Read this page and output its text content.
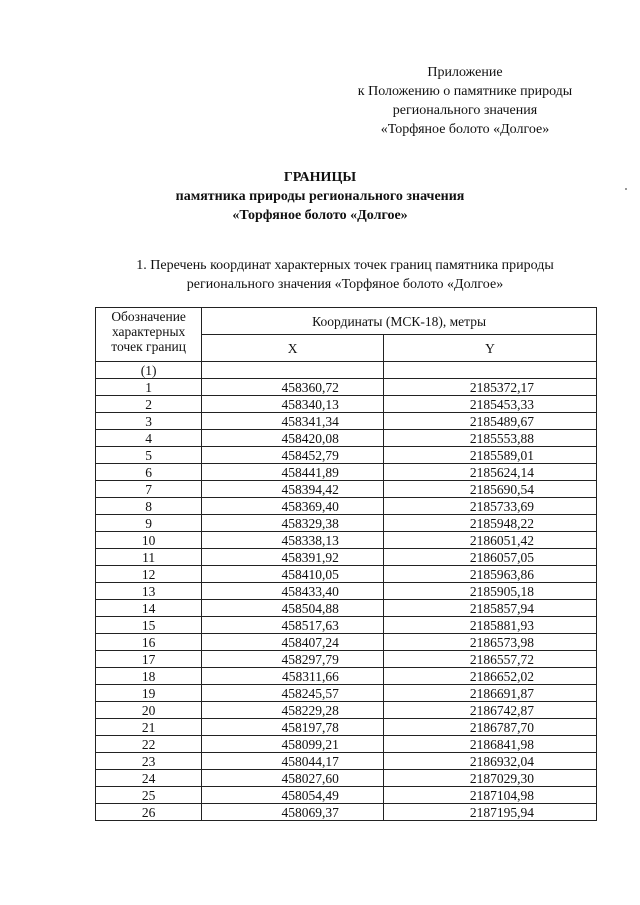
Приложение
к Положению о памятнике природы
регионального значения
«Торфяное болото «Долгое»
ГРАНИЦЫ
памятника природы регионального значения
«Торфяное болото «Долгое»
1. Перечень координат характерных точек границ памятника природы
регионального значения «Торфяное болото «Долгое»
Обозначение характерных точек границ	Координаты (МСК-18), метры	
	X	Y
(1)		
1	458360,72	2185372,17
2	458340,13	2185453,33
3	458341,34	2185489,67
4	458420,08	2185553,88
5	458452,79	2185589,01
6	458441,89	2185624,14
7	458394,42	2185690,54
8	458369,40	2185733,69
9	458329,38	2185948,22
10	458338,13	2186051,42
11	458391,92	2186057,05
12	458410,05	2185963,86
13	458433,40	2185905,18
14	458504,88	2185857,94
15	458517,63	2185881,93
16	458407,24	2186573,98
17	458297,79	2186557,72
18	458311,66	2186652,02
19	458245,57	2186691,87
20	458229,28	2186742,87
21	458197,78	2186787,70
22	458099,21	2186841,98
23	458044,17	2186932,04
24	458027,60	2187029,30
25	458054,49	2187104,98
26	458069,37	2187195,94
